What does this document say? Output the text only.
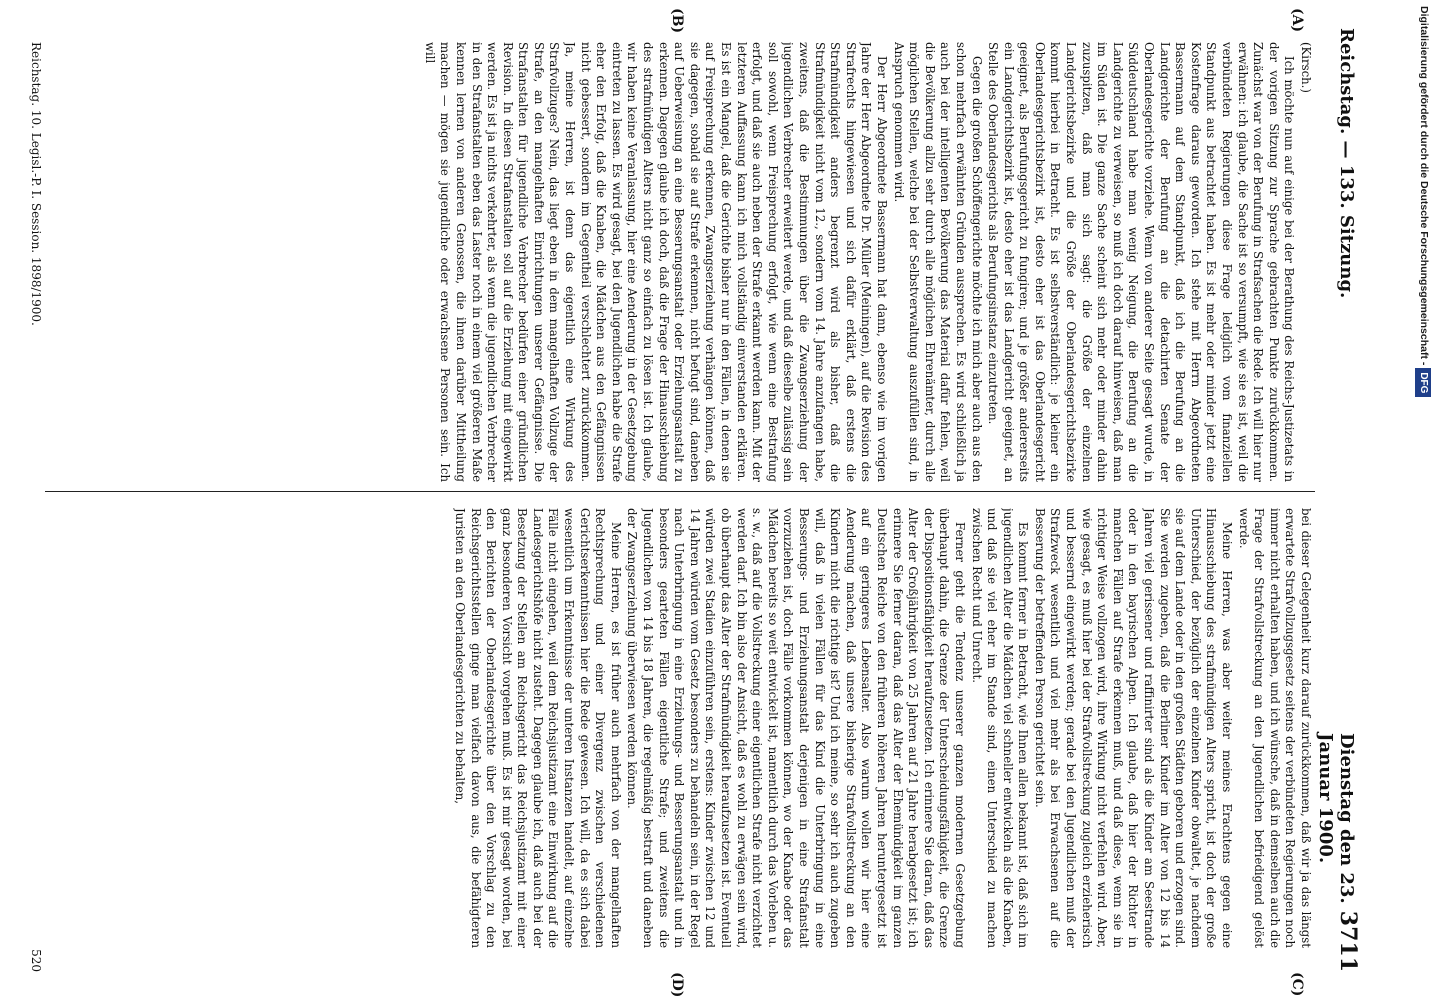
Reichstag. — 133. Sitzung.
Dienstag den 23. Januar 1900.
3711
(A)
(B)
(C)
(D)

(Kirsch.)

Ich möchte nun auf einige bei der Berathung des Reichs-Justizetats in der vorigen Sitzung zur Sprache gebrachten Punkte zurückkommen. Zunächst war von der Berufung in Strafsachen die Rede. Ich will hier nur erwähnen: ich glaube, die Sache ist so versumpft, wie sie es ist, weil die verbündeten Regierungen diese Frage lediglich vom finanziellen Standpunkt aus betrachtet haben. Es ist mehr oder minder jetzt eine Kostenfrage daraus geworden. Ich stehe mit Herrn Abgeordneten Bassermann auf dem Standpunkt, daß ich die Berufung an die Landgerichte der Berufung an die detachirten Senate der Oberlandesgerichte vorziehe. Wenn von anderer Seite gesagt wurde, in Süddeutschland habe man wenig Neigung, die Berufung an die Landgerichte zu verweisen, so muß ich doch darauf hinweisen, daß man im Süden ist. Die ganze Sache scheint sich mehr oder minder dahin zuzuspitzen, daß man sich sagt: die Größe der einzelnen Landgerichtsbezirke und die Größe der Oberlandesgerichtsbezirke kommt hierbei in Betracht. Es ist selbstverständlich: je kleiner ein Oberlandesgerichtsbezirk ist, desto eher ist das Oberlandesgericht geeignet, als Berufungsgericht zu fungiren; und je größer andererseits ein Landgerichtsbezirk ist, desto eher ist das Landgericht geeignet, an Stelle des Oberlandesgerichts als Berufungsinstanz einzutreten.

Gegen die großen Schöffengerichte möchte ich mich aber auch aus den schon mehrfach erwähnten Gründen aussprechen. Es wird schließlich ja auch bei der intelligenten Bevölkerung das Material dafür fehlen, weil die Bevölkerung allzu sehr durch alle möglichen Ehrenämter, durch alle möglichen Stellen, welche bei der Selbstverwaltung auszufüllen sind, in Anspruch genommen wird.

Der Herr Abgeordnete Bassermann hat dann, ebenso wie im vorigen Jahre der Herr Abgeordnete Dr. Müller (Meiningen), auf die Revision des Strafrechts hingewiesen und sich dafür erklärt, daß erstens die Strafmündigkeit anders begrenzt wird als bisher, daß die Strafmündigkeit nicht vom 12., sondern vom 14. Jahre anzufangen habe, zweitens, daß die Bestimmungen über die Zwangserziehung der jugendlichen Verbrecher erweitert werde, und daß dieselbe zulässig sein soll sowohl, wenn Freisprechung erfolgt, wie wenn eine Bestrafung erfolgt, und daß sie auch neben der Strafe erkannt werden kann. Mit der letzteren Auffassung kann ich mich vollständig einverstanden erklären. Es ist ein Mangel, daß die Gerichte bisher nur in den Fällen, in denen sie auf Freisprechung erkennen, Zwangserziehung verhängen können, daß sie dagegen, sobald sie auf Strafe erkennen, nicht befugt sind, daneben auf Ueberweisung an eine Besserungsanstalt oder Erziehungsanstalt zu erkennen. Dagegen glaube ich doch, daß die Frage der Hinausschiebung des strafmündigen Alters nicht ganz so einfach zu lösen ist. Ich glaube, wir haben keine Veranlassung, hier eine Aenderung in der Gesetzgebung eintreten zu lassen. Es wird gesagt, bei den Jugendlichen habe die Strafe eher den Erfolg, daß die Knaben, die Mädchen aus den Gefängnissen nicht gebessert, sondern im Gegentheil verschlechtert zurückkommen. Ja, meine Herren, ist denn das eigentlich eine Wirkung des Strafvollzuges? Nein, das liegt eben in dem mangelhaften Vollzuge der Strafe, an den mangelhaften Einrichtungen unserer Gefängnisse. Die Strafanstalten für jugendliche Verbrecher bedürfen einer gründlichen Revision. In diesen Strafanstalten soll auf die Erziehung mit eingewirkt werden. Es ist ja nichts verkehrter, als wenn die jugendlichen Verbrecher in den Strafanstalten eben das Laster noch in einem viel größeren Maße kennen lernen von anderen Genossen, die ihnen darüber Mittheilung machen — mögen sie jugendliche oder erwachsene Personen sein. Ich will

bei dieser Gelegenheit kurz darauf zurückkommen, daß wir ja das längst erwartete Strafvollzugsgesetz seitens der verbündeten Regierungen noch immer nicht erhalten haben, und ich wünsche, daß in demselben auch die Frage der Strafvollstreckung an den Jugendlichen befriedigend gelöst werde.

Meine Herren, was aber weiter meines Erachtens gegen eine Hinausschiebung des strafmündigen Alters spricht, ist doch der große Unterschied, der bezüglich der einzelnen Kinder obwaltet, je nachdem sie auf dem Lande oder in den großen Städten geboren und erzogen sind. Sie werden zugeben, daß die Berliner Kinder im Alter von 12 bis 14 Jahren viel gerissener und raffinirter sind als die Kinder am Seestrande oder in den bayrischen Alpen. Ich glaube, daß hier der Richter in manchen Fällen auf Strafe erkennen muß, und daß diese, wenn sie in richtiger Weise vollzogen wird, ihre Wirkung nicht verfehlen wird. Aber, wie gesagt, es muß hier bei der Strafvollstreckung zugleich erzieherisch und bessernd eingewirkt werden; gerade bei den Jugendlichen muß der Strafzweck wesentlich und viel mehr als bei Erwachsenen auf die Besserung der betreffenden Person gerichtet sein.

Es kommt ferner in Betracht, wie Ihnen allen bekannt ist, daß sich im jugendlichen Alter die Mädchen viel schneller entwickeln als die Knaben, und daß sie viel eher im Stande sind, einen Unterschied zu machen zwischen Recht und Unrecht.

Ferner geht die Tendenz unserer ganzen modernen Gesetzgebung überhaupt dahin, die Grenze der Unterscheidungsfähigkeit, die Grenze der Dispositionsfähigkeit heraufzusetzen. Ich erinnere Sie daran, daß das Alter der Großjährigkeit von 25 Jahren auf 21 Jahre herabgesetzt ist; ich erinnere Sie ferner daran, daß das Alter der Ehemündigkeit im ganzen Deutschen Reiche von den früheren höheren Jahren heruntergesetzt ist auf ein geringeres Lebensalter. Also warum wollen wir hier eine Aenderung machen, daß unsere bisherige Strafvollstreckung an den Kindern nicht die richtige ist? Und ich meine, so sehr ich auch zugeben will, daß in vielen Fällen für das Kind die Unterbringung in eine Besserungs- und Erziehungsanstalt derjenigen in eine Strafanstalt vorzuziehen ist, doch Fälle vorkommen können, wo der Knabe oder das Mädchen bereits so weit entwickelt ist, namentlich durch das Vorleben u. s. w., daß auf die Vollstreckung einer eigentlichen Strafe nicht verzichtet werden darf. Ich bin also der Ansicht, daß es wohl zu erwägen sein wird, ob überhaupt das Alter der Strafmündigkeit heraufzusetzen ist. Eventuell würden zwei Stadien einzuführen sein, erstens: Kinder zwischen 12 und 14 Jahren würden vom Gesetz besonders zu behandeln sein, in der Regel nach Unterbringung in eine Erziehungs- und Besserungsanstalt und in besonders gearteten Fällen eigentliche Strafe; und zweitens die Jugendlichen von 14 bis 18 Jahren, die regelmäßig bestraft und daneben der Zwangserziehung überwiesen werden können.

Meine Herren, es ist früher auch mehrfach von der mangelhaften Rechtsprechung und einer Divergenz zwischen verschiedenen Gerichtserkenntnissen hier die Rede gewesen. Ich will, da es sich dabei wesentlich um Erkenntnisse der unteren Instanzen handelt, auf einzelne Fälle nicht eingehen, weil dem Reichsjustizamt eine Einwirkung auf die Landesgerichtshöfe nicht zusteht. Dagegen glaube ich, daß auch bei der Besetzung der Stellen am Reichsgericht das Reichsjustizamt mit einer ganz besonderen Vorsicht vorgehen muß. Es ist mir gesagt worden, bei den Berichten der Oberlandesgerichte über den Vorschlag zu den Reichsgerichtsstellen ginge man vielfach davon aus, die befähigteren Juristen an den Oberlandesgerichten zu behalten,

Reichstag. 10. Legisl.-P. I. Session. 1898/1900.
520
Digitalisierung gefördert durch die Deutsche Forschungsgemeinschaft - DFG
